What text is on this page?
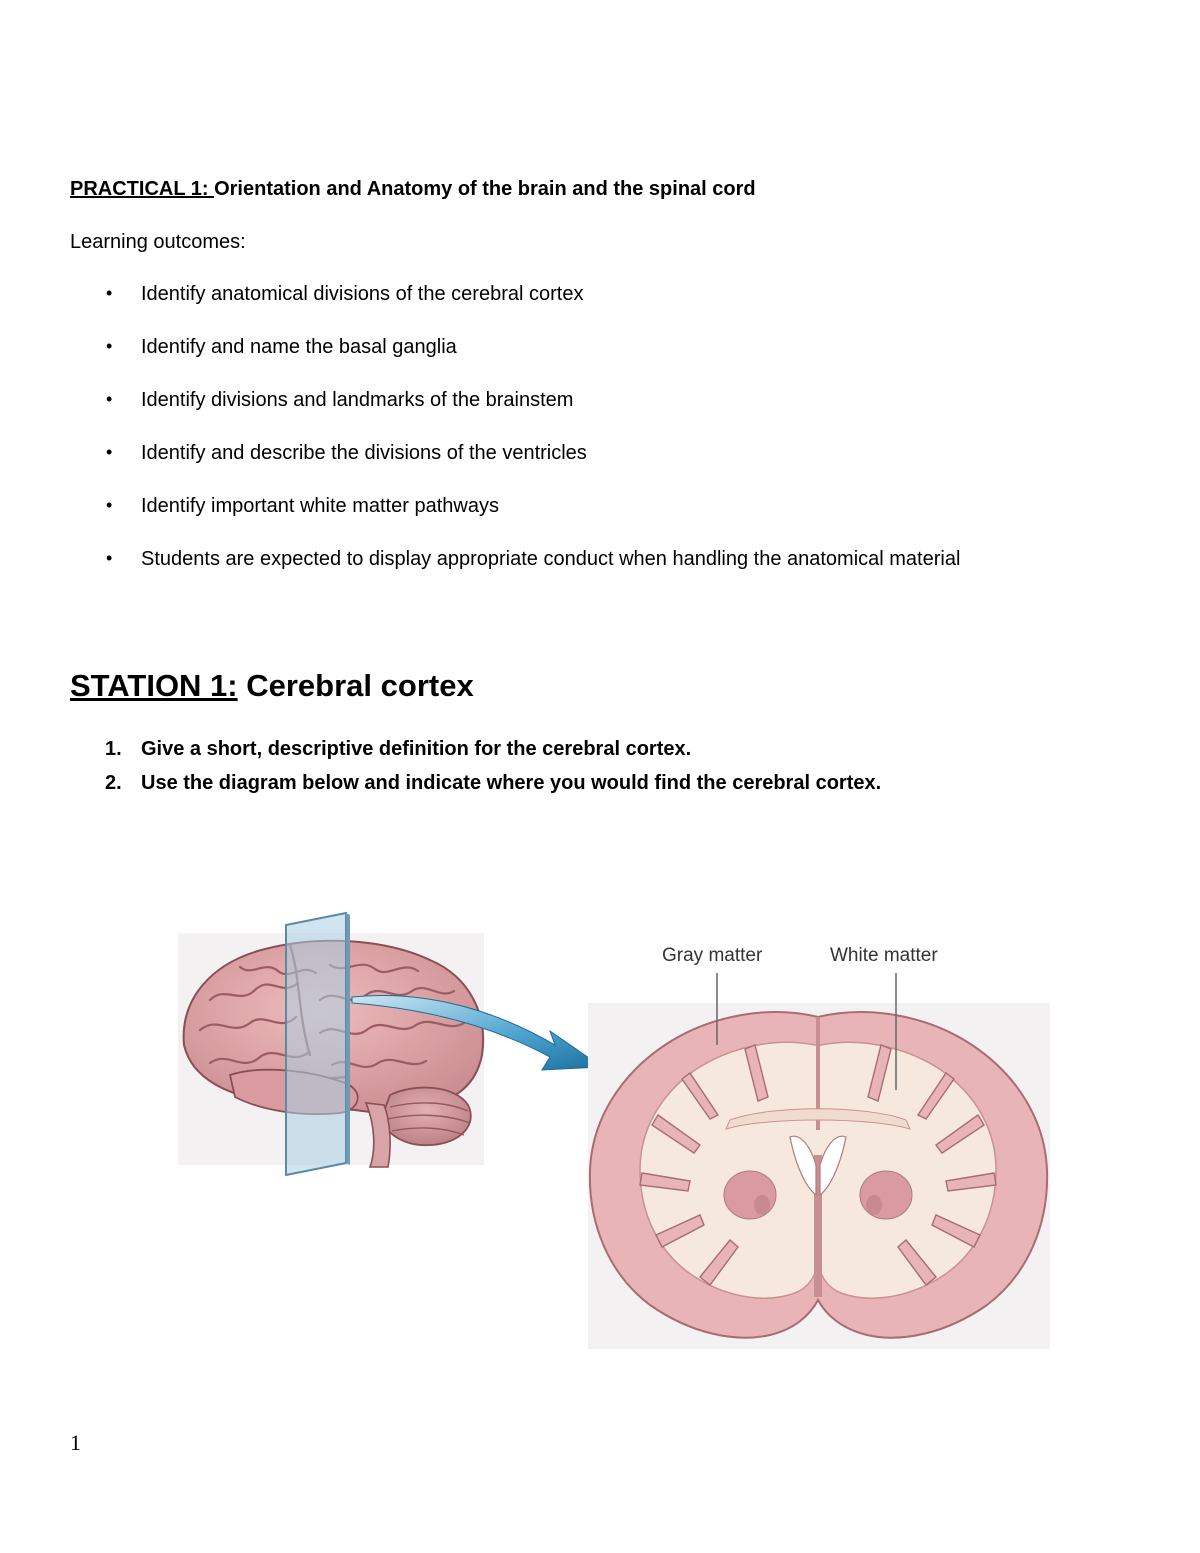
PRACTICAL 1: Orientation and Anatomy of the brain and the spinal cord
Learning outcomes:
• Identify anatomical divisions of the cerebral cortex
• Identify and name the basal ganglia
• Identify divisions and landmarks of the brainstem
• Identify and describe the divisions of the ventricles
• Identify important white matter pathways
• Students are expected to display appropriate conduct when handling the anatomical material
STATION 1: Cerebral cortex
1. Give a short, descriptive definition for the cerebral cortex.
2. Use the diagram below and indicate where you would find the cerebral cortex.
Gray matter	White matter
1
